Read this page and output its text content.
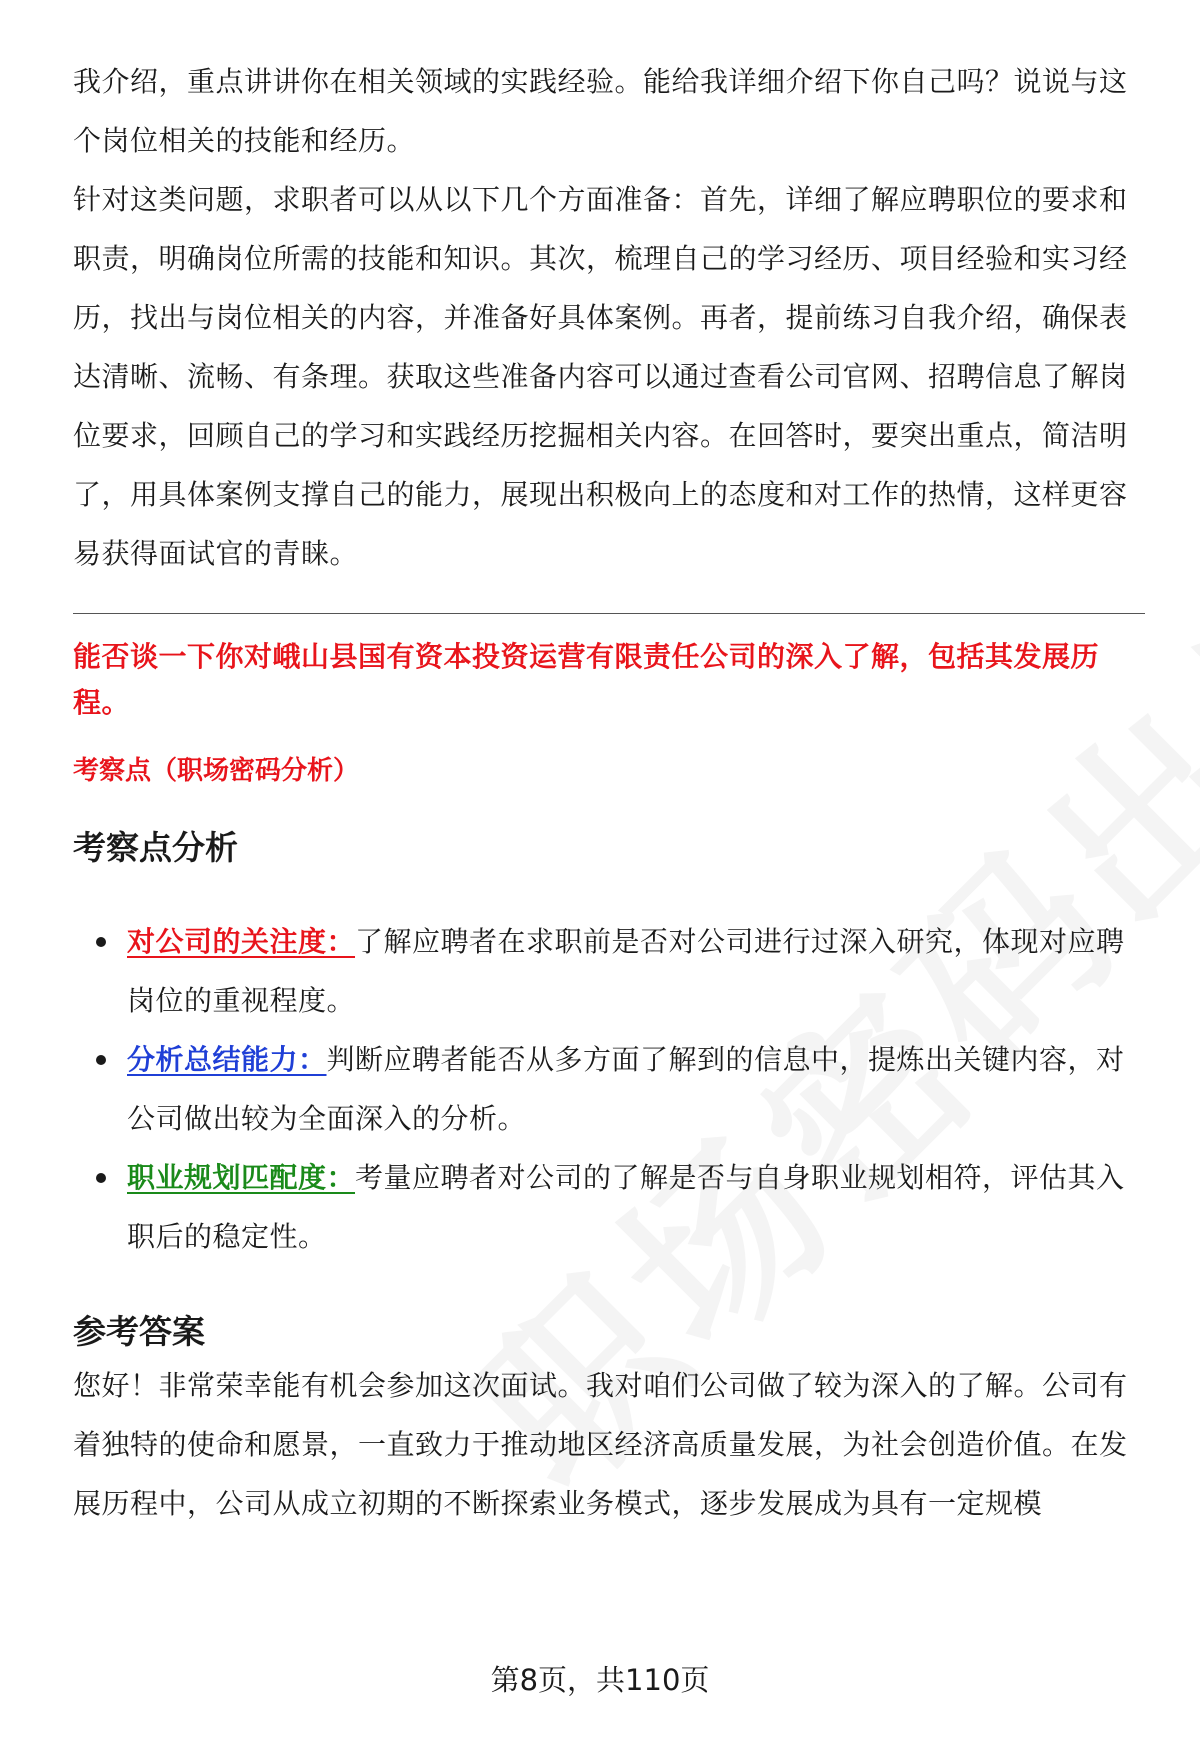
我介绍，重点讲讲你在相关领域的实践经验。能给我详细介绍下你自己吗？说说与这个岗位相关的技能和经历。

针对这类问题，求职者可以从以下几个方面准备：首先，详细了解应聘职位的要求和职责，明确岗位所需的技能和知识。其次，梳理自己的学习经历、项目经验和实习经历，找出与岗位相关的内容，并准备好具体案例。再者，提前练习自我介绍，确保表达清晰、流畅、有条理。获取这些准备内容可以通过查看公司官网、招聘信息了解岗位要求，回顾自己的学习和实践经历挖掘相关内容。在回答时，要突出重点，简洁明了，用具体案例支撑自己的能力，展现出积极向上的态度和对工作的热情，这样更容易获得面试官的青睐。

能否谈一下你对峨山县国有资本投资运营有限责任公司的深入了解，包括其发展历程。

考察点（职场密码分析）

考察点分析
对公司的关注度：了解应聘者在求职前是否对公司进行过深入研究，体现对应聘岗位的重视程度。
分析总结能力：判断应聘者能否从多方面了解到的信息中，提炼出关键内容，对公司做出较为全面深入的分析。
职业规划匹配度：考量应聘者对公司的了解是否与自身职业规划相符，评估其入职后的稳定性。
参考答案

您好！非常荣幸能有机会参加这次面试。我对咱们公司做了较为深入的了解。公司有着独特的使命和愿景，一直致力于推动地区经济高质量发展，为社会创造价值。在发展历程中，公司从成立初期的不断探索业务模式，逐步发展成为具有一定规模

第8页，共110页
